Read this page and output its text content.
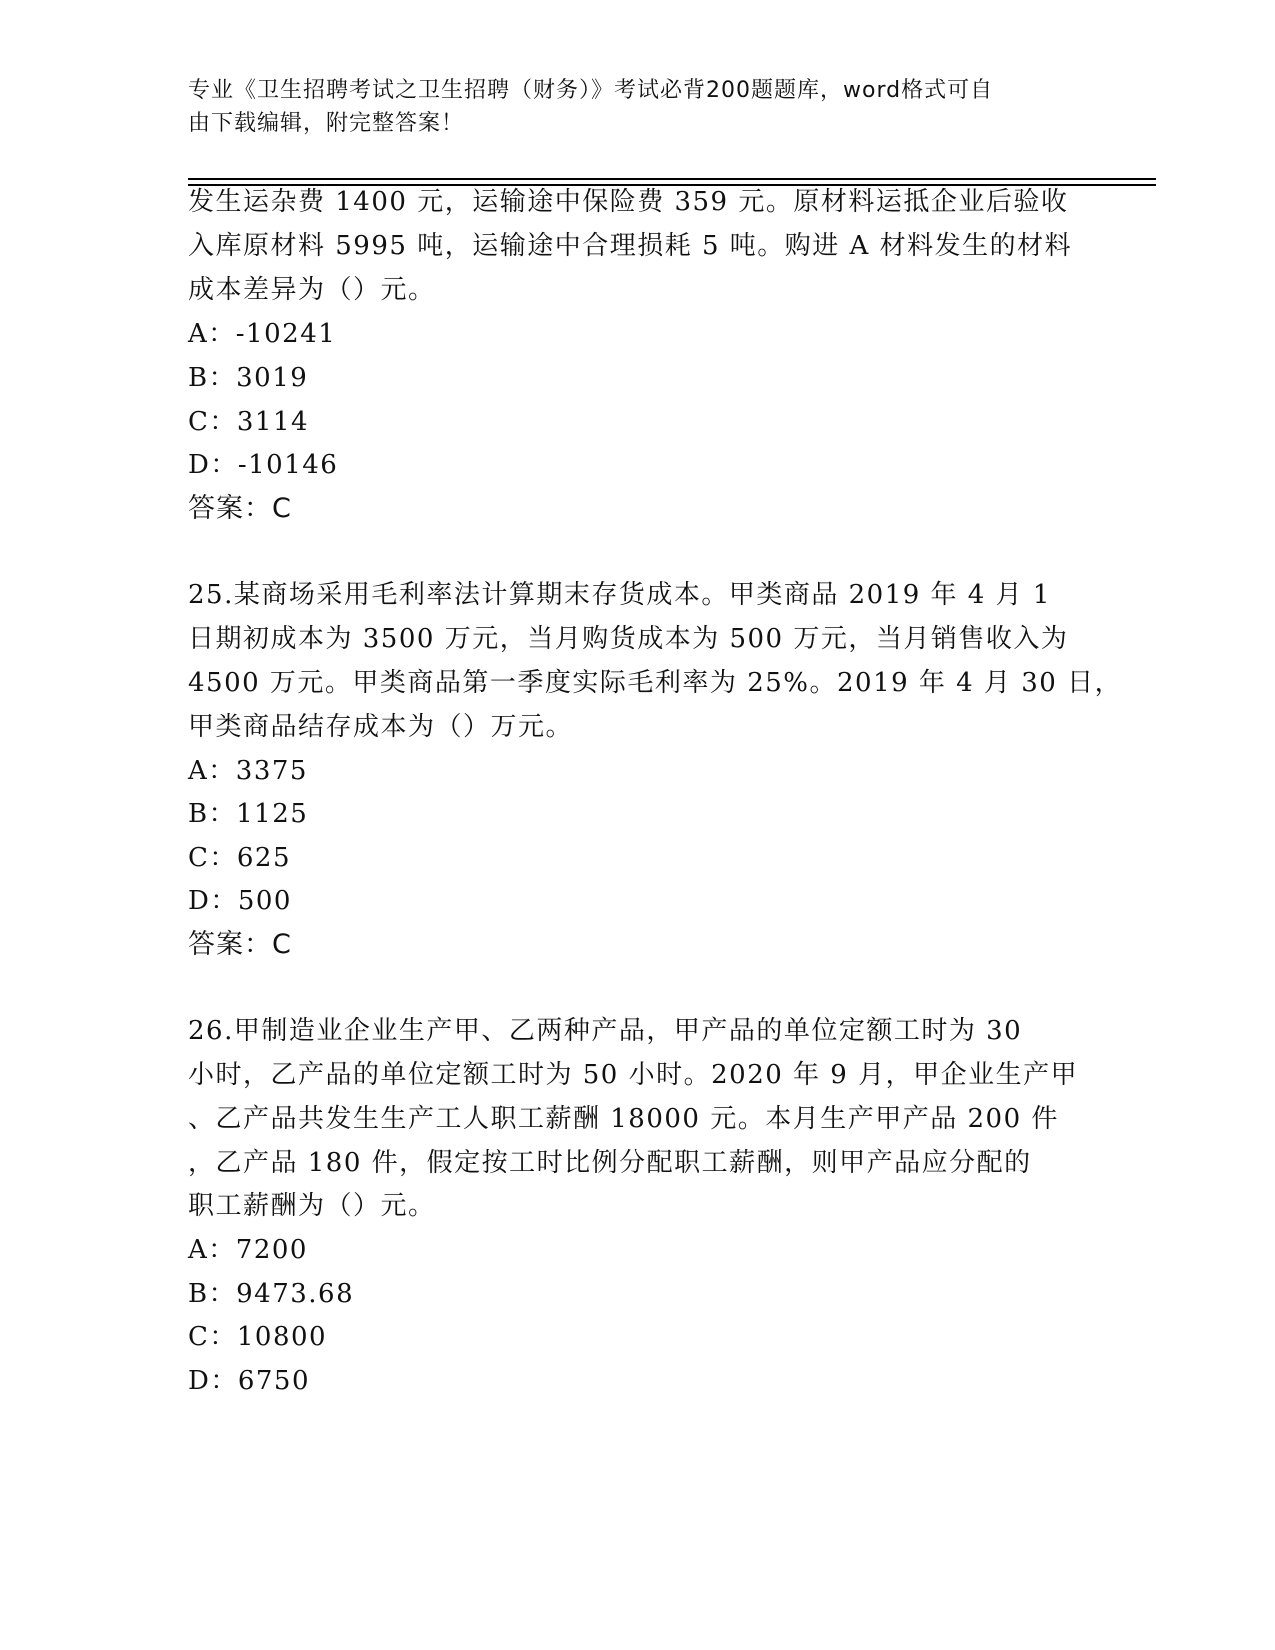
专业《卫生招聘考试之卫生招聘（财务）》考试必背200题题库，word格式可自
由下载编辑，附完整答案！
发生运杂费 1400 元，运输途中保险费 359 元。原材料运抵企业后验收
入库原材料 5995 吨，运输途中合理损耗 5 吨。购进 A 材料发生的材料
成本差异为（）元。
A：-10241
B：3019
C：3114
D：-10146
答案：C
25.某商场采用毛利率法计算期末存货成本。甲类商品 2019 年 4 月 1
日期初成本为 3500 万元，当月购货成本为 500 万元，当月销售收入为
4500 万元。甲类商品第一季度实际毛利率为 25%。2019 年 4 月 30 日，
甲类商品结存成本为（）万元。
A：3375
B：1125
C：625
D：500
答案：C
26.甲制造业企业生产甲、乙两种产品，甲产品的单位定额工时为 30
小时，乙产品的单位定额工时为 50 小时。2020 年 9 月，甲企业生产甲
、乙产品共发生生产工人职工薪酬 18000 元。本月生产甲产品 200 件
，乙产品 180 件，假定按工时比例分配职工薪酬，则甲产品应分配的
职工薪酬为（）元。
A：7200
B：9473.68
C：10800
D：6750
